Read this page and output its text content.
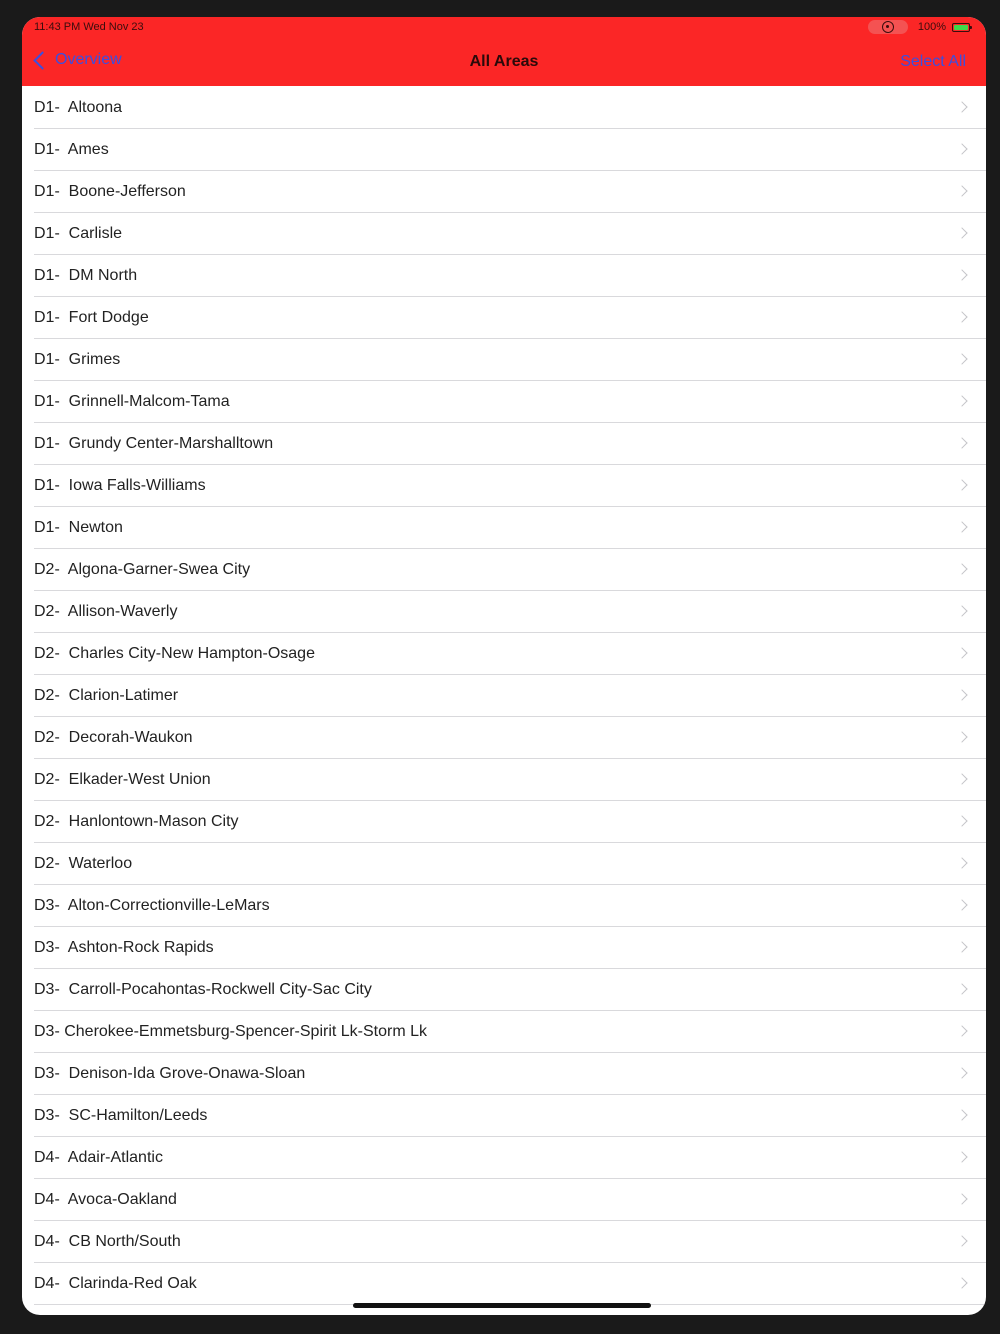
11:43 PM Wed Nov 23	100%
Overview	All Areas	Select All
D1-  Altoona
D1-  Ames
D1-  Boone-Jefferson
D1-  Carlisle
D1-  DM North
D1-  Fort Dodge
D1-  Grimes
D1-  Grinnell-Malcom-Tama
D1-  Grundy Center-Marshalltown
D1-  Iowa Falls-Williams
D1-  Newton
D2-  Algona-Garner-Swea City
D2-  Allison-Waverly
D2-  Charles City-New Hampton-Osage
D2-  Clarion-Latimer
D2-  Decorah-Waukon
D2-  Elkader-West Union
D2-  Hanlontown-Mason City
D2-  Waterloo
D3-  Alton-Correctionville-LeMars
D3-  Ashton-Rock Rapids
D3-  Carroll-Pocahontas-Rockwell City-Sac City
D3- Cherokee-Emmetsburg-Spencer-Spirit Lk-Storm Lk
D3-  Denison-Ida Grove-Onawa-Sloan
D3-  SC-Hamilton/Leeds
D4-  Adair-Atlantic
D4-  Avoca-Oakland
D4-  CB North/South
D4-  Clarinda-Red Oak
